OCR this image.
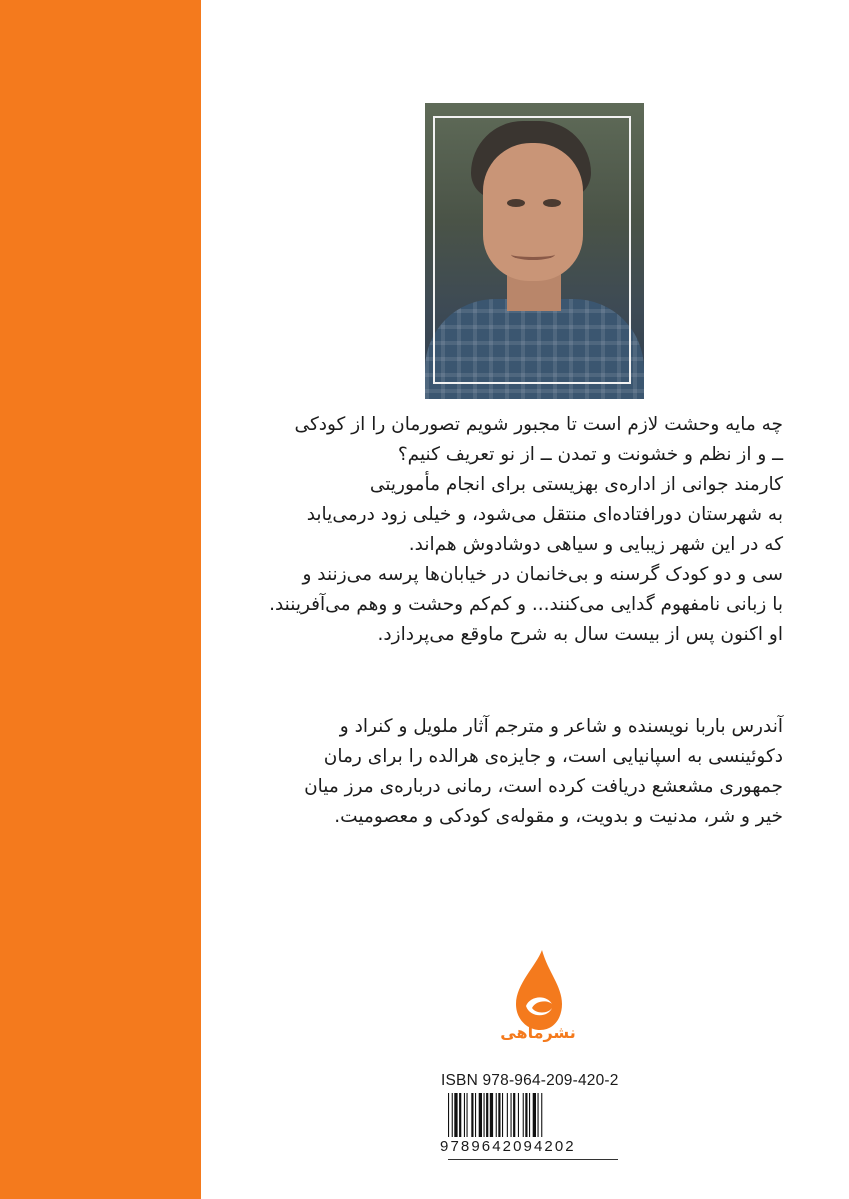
چه مایه وحشت لازم است تا مجبور شویم تصورمان را از کودکی
ــ و از نظم و خشونت و تمدن ــ از نو تعریف کنیم؟
کارمند جوانی از اداره‌ی بهزیستی برای انجام مأموریتی
به شهرستان دورافتاده‌ای منتقل می‌شود، و خیلی زود درمی‌یابد
که در این شهر زیبایی و سیاهی دوشادوش هم‌اند.
سی و دو کودک گرسنه و بی‌خانمان در خیابان‌ها پرسه می‌زنند و
با زبانی نامفهوم گدایی می‌کنند... و کم‌کم وحشت و وهم می‌آفرینند.
او اکنون پس از بیست سال به شرح ماوقع می‌پردازد.
آندرس باربا نویسنده و شاعر و مترجم آثار ملویل و کنراد و
دکوئینسی به اسپانیایی است، و جایزه‌ی هرالده را برای رمان
جمهوری مشعشع دریافت کرده است، رمانی درباره‌ی مرز میان
خیر و شر، مدنیت و بدویت، و مقوله‌ی کودکی و معصومیت.
نشرماهی
ISBN 978-964-209-420-2
9789642094202
